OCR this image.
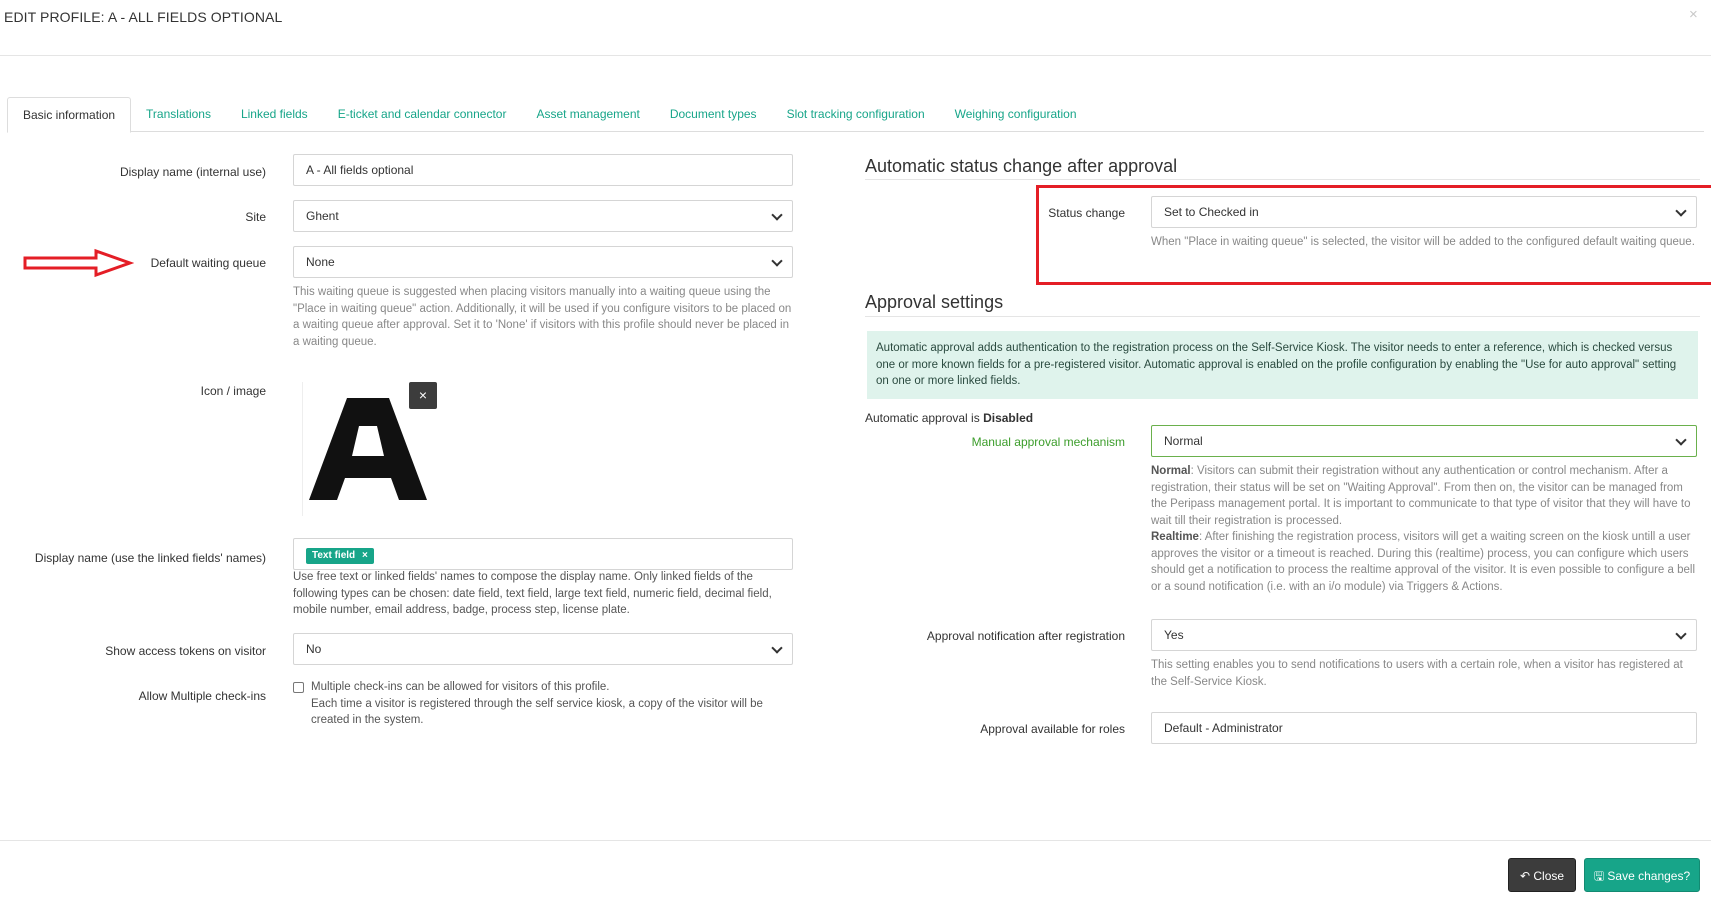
EDIT PROFILE: A - ALL FIELDS OPTIONAL	×
Basic information	Translations	Linked fields	E-ticket and calendar connector	Asset management	Document types	Slot tracking configuration	Weighing configuration
Display name (internal use)	A - All fields optional
Site	Ghent
Default waiting queue	None
This waiting queue is suggested when placing visitors manually into a waiting queue using the "Place in waiting queue" action. Additionally, it will be used if you configure visitors to be placed on a waiting queue after approval. Set it to 'None' if visitors with this profile should never be placed in a waiting queue.
Icon / image	×
Display name (use the linked fields' names)	Text field ×
Use free text or linked fields' names to compose the display name. Only linked fields of the following types can be chosen: date field, text field, large text field, numeric field, decimal field, mobile number, email address, badge, process step, license plate.
Show access tokens on visitor	No
Allow Multiple check-ins
Multiple check-ins can be allowed for visitors of this profile.
Each time a visitor is registered through the self service kiosk, a copy of the visitor will be created in the system.
Automatic status change after approval
Status change	Set to Checked in
When "Place in waiting queue" is selected, the visitor will be added to the configured default waiting queue.
Approval settings
Automatic approval adds authentication to the registration process on the Self-Service Kiosk. The visitor needs to enter a reference, which is checked versus one or more known fields for a pre-registered visitor. Automatic approval is enabled on the profile configuration by enabling the "Use for auto approval" setting on one or more linked fields.
Automatic approval is Disabled
Manual approval mechanism	Normal
Normal: Visitors can submit their registration without any authentication or control mechanism. After a registration, their status will be set on "Waiting Approval". From then on, the visitor can be managed from the Peripass management portal. It is important to communicate to that type of visitor that they will have to wait till their registration is processed.
Realtime: After finishing the registration process, visitors will get a waiting screen on the kiosk untill a user approves the visitor or a timeout is reached. During this (realtime) process, you can configure which users should get a notification to process the realtime approval of the visitor. It is even possible to configure a bell or a sound notification (i.e. with an i/o module) via Triggers & Actions.
Approval notification after registration	Yes
This setting enables you to send notifications to users with a certain role, when a visitor has registered at the Self-Service Kiosk.
Approval available for roles	Default - Administrator
↶ Close	🖫 Save changes?
